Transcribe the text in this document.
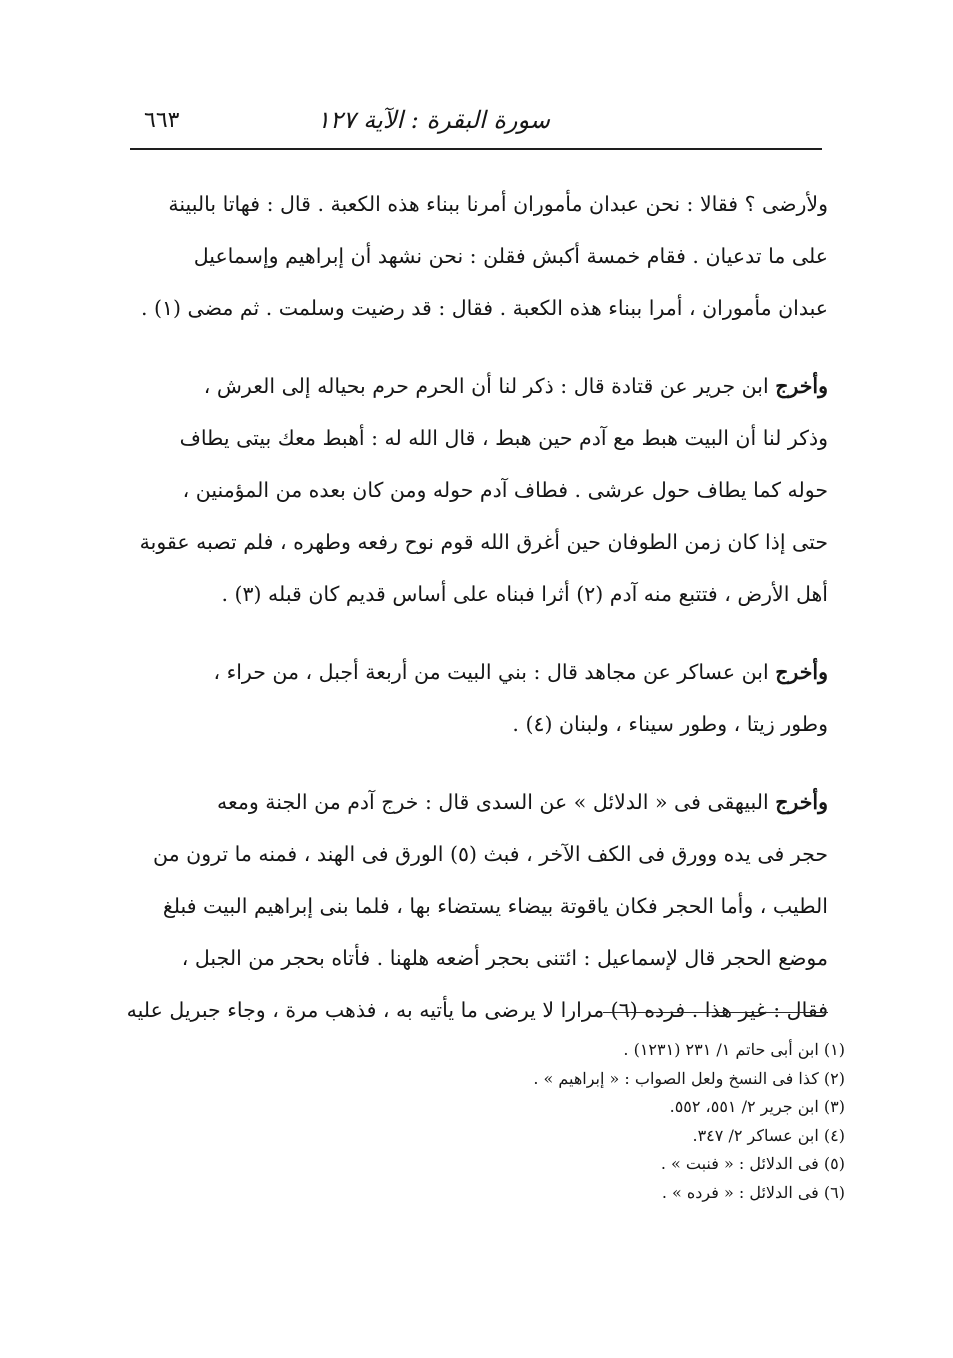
سورة البقرة : الآية ١٢٧
٦٦٣
ولأرضى ؟ فقالا : نحن عبدان مأموران أمرنا ببناء هذه الكعبة . قال : فهاتا بالبينة
على ما تدعيان . فقام خمسة أكبش فقلن : نحن نشهد أن إبراهيم وإسماعيل
عبدان مأموران ، أمرا ببناء هذه الكعبة . فقال : قد رضيت وسلمت . ثم مضى (١) .
وأخرج ابن جرير عن قتادة قال : ذكر لنا أن الحرم حرم بحياله إلى العرش ،
وذكر لنا أن البيت هبط مع آدم حين هبط ، قال الله له : أهبط معك بيتى يطاف
حوله كما يطاف حول عرشى . فطاف آدم حوله ومن كان بعده من المؤمنين ،
حتى إذا كان زمن الطوفان حين أغرق الله قوم نوح رفعه وطهره ، فلم تصبه عقوبة
أهل الأرض ، فتتبع منه آدم (٢) أثرا فبناه على أساس قديم كان قبله (٣) .
وأخرج ابن عساكر عن مجاهد قال : بني البيت من أربعة أجبل ، من حراء ،
وطور زيتا ، وطور سيناء ، ولبنان (٤) .
وأخرج البيهقى فى « الدلائل » عن السدى قال : خرج آدم من الجنة ومعه
حجر فى يده وورق فى الكف الآخر ، فبث (٥) الورق فى الهند ، فمنه ما ترون من
الطيب ، وأما الحجر فكان ياقوتة بيضاء يستضاء بها ، فلما بنى إبراهيم البيت فبلغ
موضع الحجر قال لإسماعيل : ائتنى بحجر أضعه هلهنا . فأتاه بحجر من الجبل ،
فقال : غير هذا . فرده (٦) مرارا لا يرضى ما يأتيه به ، فذهب مرة ، وجاء جبريل عليه
(١) ابن أبى حاتم ١/ ٢٣١ (١٢٣١) .
(٢) كذا فى النسخ ولعل الصواب : « إبراهيم » .
(٣) ابن جرير ٢/ ٥٥١، ٥٥٢.
(٤) ابن عساكر ٢/ ٣٤٧.
(٥) فى الدلائل : « فنبت » .
(٦) فى الدلائل : « فرده » .
